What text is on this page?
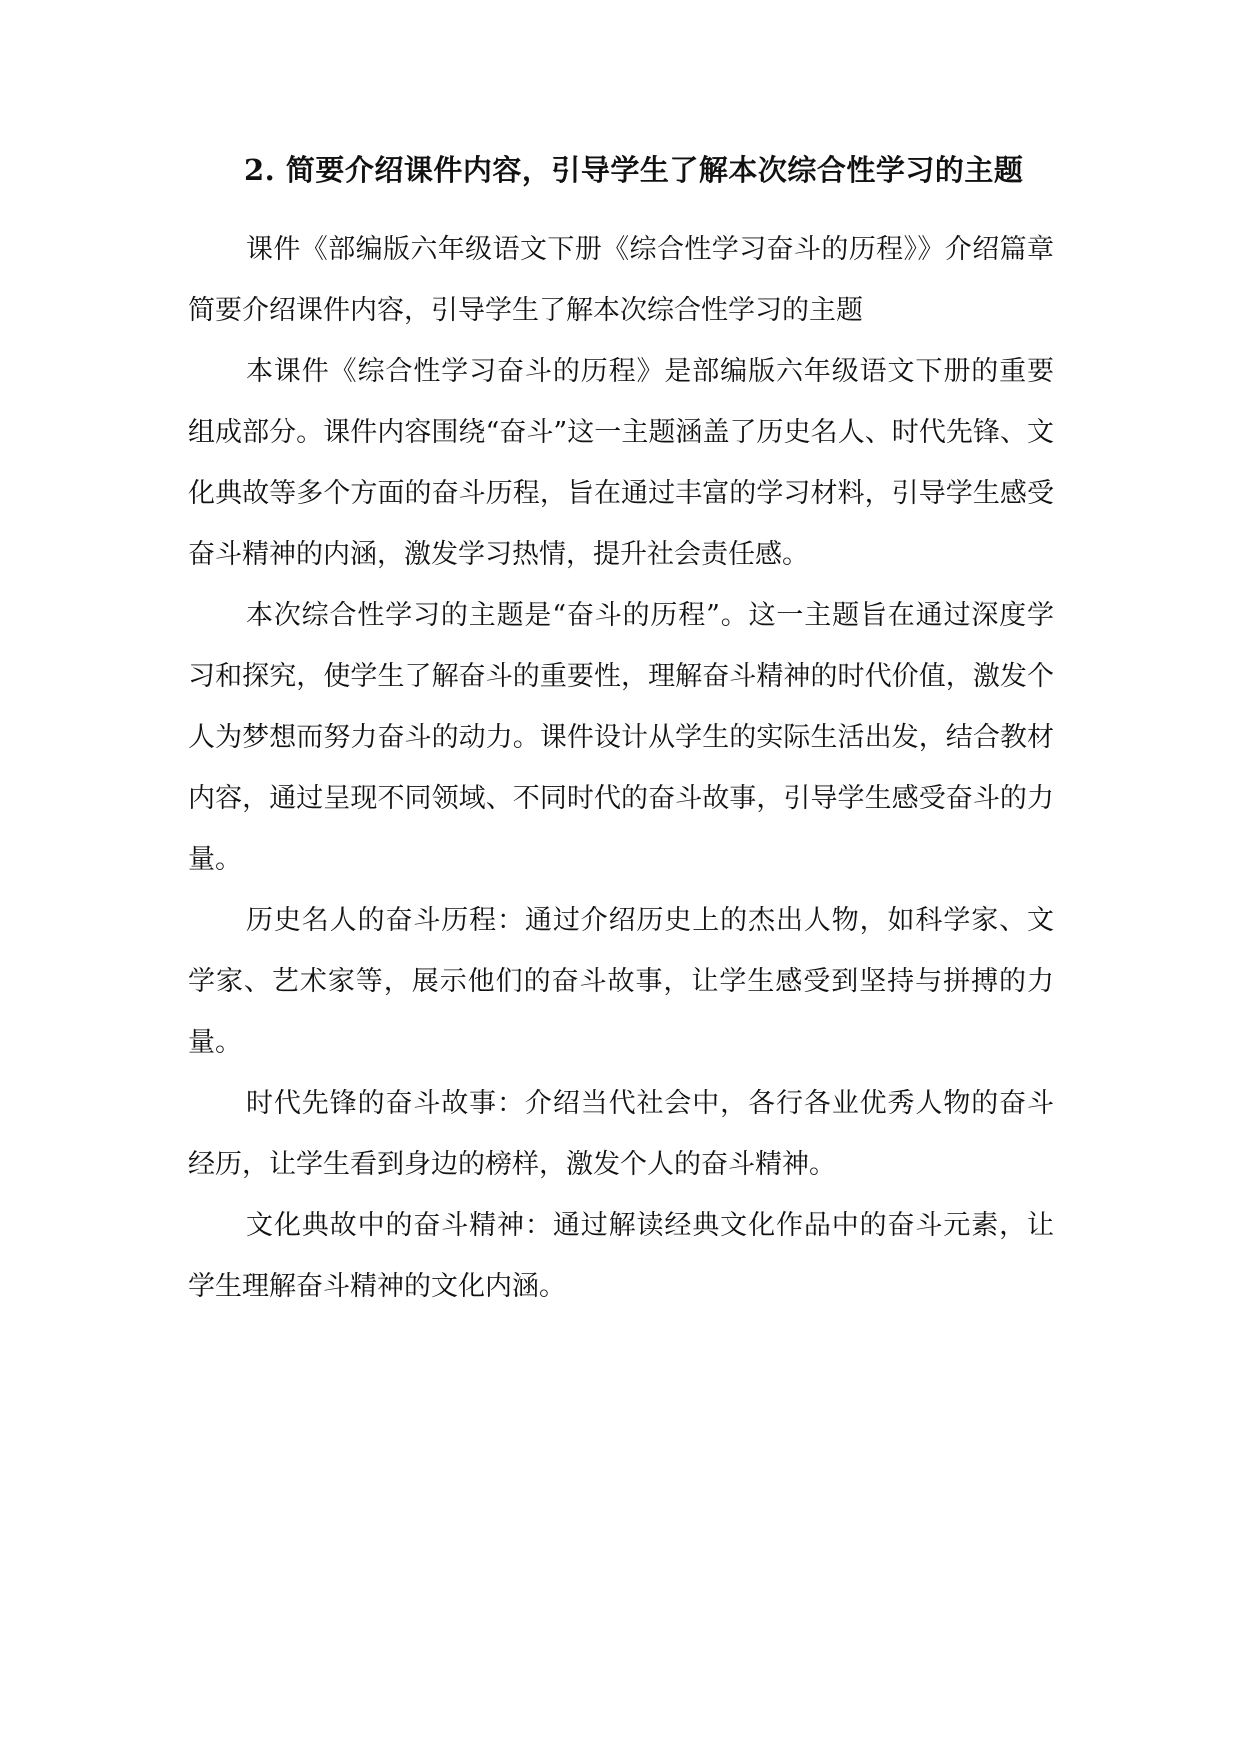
2. 简要介绍课件内容，引导学生了解本次综合性学习的主题

课件《部编版六年级语文下册《综合性学习奋斗的历程》》介绍篇章简要介绍课件内容，引导学生了解本次综合性学习的主题

本课件《综合性学习奋斗的历程》是部编版六年级语文下册的重要组成部分。课件内容围绕“奋斗”这一主题涵盖了历史名人、时代先锋、文化典故等多个方面的奋斗历程，旨在通过丰富的学习材料，引导学生感受奋斗精神的内涵，激发学习热情，提升社会责任感。

本次综合性学习的主题是“奋斗的历程”。这一主题旨在通过深度学习和探究，使学生了解奋斗的重要性，理解奋斗精神的时代价值，激发个人为梦想而努力奋斗的动力。课件设计从学生的实际生活出发，结合教材内容，通过呈现不同领域、不同时代的奋斗故事，引导学生感受奋斗的力量。

历史名人的奋斗历程：通过介绍历史上的杰出人物，如科学家、文学家、艺术家等，展示他们的奋斗故事，让学生感受到坚持与拼搏的力量。

时代先锋的奋斗故事：介绍当代社会中，各行各业优秀人物的奋斗经历，让学生看到身边的榜样，激发个人的奋斗精神。

文化典故中的奋斗精神：通过解读经典文化作品中的奋斗元素，让学生理解奋斗精神的文化内涵。
